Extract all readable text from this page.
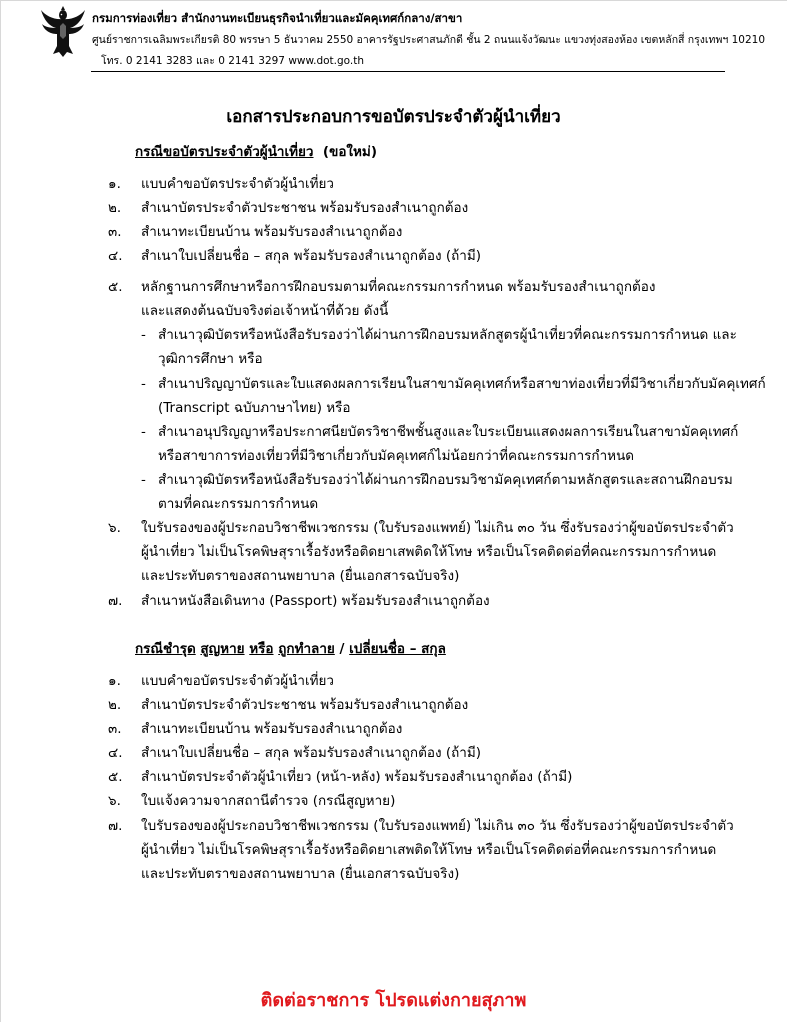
กรมการท่องเที่ยว สำนักงานทะเบียนธุรกิจนำเที่ยวและมัคคุเทศก์กลาง/สาขา
ศูนย์ราชการเฉลิมพระเกียรติ 80 พรรษา 5 ธันวาคม 2550 อาคารรัฐประศาสนภักดี ชั้น 2 ถนนแจ้งวัฒนะ แขวงทุ่งสองห้อง เขตหลักสี่ กรุงเทพฯ 10210
โทร. 0 2141 3283 และ 0 2141 3297 www.dot.go.th
เอกสารประกอบการขอบัตรประจำตัวผู้นำเที่ยว
กรณีขอบัตรประจำตัวผู้นำเที่ยว (ขอใหม่)
๑. แบบคำขอบัตรประจำตัวผู้นำเที่ยว
๒. สำเนาบัตรประจำตัวประชาชน พร้อมรับรองสำเนาถูกต้อง
๓. สำเนาทะเบียนบ้าน พร้อมรับรองสำเนาถูกต้อง
๔. สำเนาใบเปลี่ยนชื่อ – สกุล พร้อมรับรองสำเนาถูกต้อง (ถ้ามี)
๕. หลักฐานการศึกษาหรือการฝึกอบรมตามที่คณะกรรมการกำหนด พร้อมรับรองสำเนาถูกต้อง
และแสดงต้นฉบับจริงต่อเจ้าหน้าที่ด้วย ดังนี้
- สำเนาวุฒิบัตรหรือหนังสือรับรองว่าได้ผ่านการฝึกอบรมหลักสูตรผู้นำเที่ยวที่คณะกรรมการกำหนด และ
วุฒิการศึกษา หรือ
- สำเนาปริญญาบัตรและใบแสดงผลการเรียนในสาขามัคคุเทศก์หรือสาขาท่องเที่ยวที่มีวิชาเกี่ยวกับมัคคุเทศก์
(Transcript ฉบับภาษาไทย) หรือ
- สำเนาอนุปริญญาหรือประกาศนียบัตรวิชาชีพชั้นสูงและใบระเบียนแสดงผลการเรียนในสาขามัคคุเทศก์
หรือสาขาการท่องเที่ยวที่มีวิชาเกี่ยวกับมัคคุเทศก์ไม่น้อยกว่าที่คณะกรรมการกำหนด
- สำเนาวุฒิบัตรหรือหนังสือรับรองว่าได้ผ่านการฝึกอบรมวิชามัคคุเทศก์ตามหลักสูตรและสถานฝึกอบรม
ตามที่คณะกรรมการกำหนด
๖. ใบรับรองของผู้ประกอบวิชาชีพเวชกรรม (ใบรับรองแพทย์) ไม่เกิน ๓๐ วัน ซึ่งรับรองว่าผู้ขอบัตรประจำตัว
ผู้นำเที่ยว ไม่เป็นโรคพิษสุราเรื้อรังหรือติดยาเสพติดให้โทษ หรือเป็นโรคติดต่อที่คณะกรรมการกำหนด
และประทับตราของสถานพยาบาล (ยื่นเอกสารฉบับจริง)
๗. สำเนาหนังสือเดินทาง (Passport) พร้อมรับรองสำเนาถูกต้อง
กรณีชำรุด สูญหาย หรือ ถูกทำลาย / เปลี่ยนชื่อ – สกุล
๑. แบบคำขอบัตรประจำตัวผู้นำเที่ยว
๒. สำเนาบัตรประจำตัวประชาชน พร้อมรับรองสำเนาถูกต้อง
๓. สำเนาทะเบียนบ้าน พร้อมรับรองสำเนาถูกต้อง
๔. สำเนาใบเปลี่ยนชื่อ – สกุล พร้อมรับรองสำเนาถูกต้อง (ถ้ามี)
๕. สำเนาบัตรประจำตัวผู้นำเที่ยว (หน้า-หลัง) พร้อมรับรองสำเนาถูกต้อง (ถ้ามี)
๖. ใบแจ้งความจากสถานีตำรวจ (กรณีสูญหาย)
๗. ใบรับรองของผู้ประกอบวิชาชีพเวชกรรม (ใบรับรองแพทย์) ไม่เกิน ๓๐ วัน ซึ่งรับรองว่าผู้ขอบัตรประจำตัว
ผู้นำเที่ยว ไม่เป็นโรคพิษสุราเรื้อรังหรือติดยาเสพติดให้โทษ หรือเป็นโรคติดต่อที่คณะกรรมการกำหนด
และประทับตราของสถานพยาบาล (ยื่นเอกสารฉบับจริง)
ติดต่อราชการ โปรดแต่งกายสุภาพ
